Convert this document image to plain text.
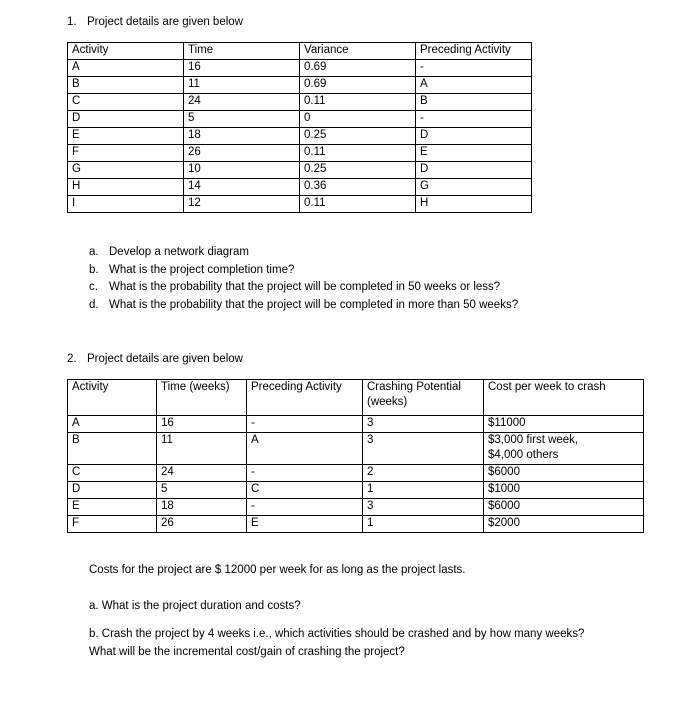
1. Project details are given below
Activity	Time	Variance	Preceding Activity
A	16	0.69	-
B	11	0.69	A
C	24	0.11	B
D	5	0	-
E	18	0.25	D
F	26	0.11	E
G	10	0.25	D
H	14	0.36	G
I	12	0.11	H
a. Develop a network diagram
b. What is the project completion time?
c. What is the probability that the project will be completed in 50 weeks or less?
d. What is the probability that the project will be completed in more than 50 weeks?
2. Project details are given below
Activity	Time (weeks)	Preceding Activity	Crashing Potential (weeks)	Cost per week to crash
A	16	-	3	$11000
B	11	A	3	$3,000 first week, $4,000 others
C	24	-	2	$6000
D	5	C	1	$1000
E	18	-	3	$6000
F	26	E	1	$2000
Costs for the project are $ 12000 per week for as long as the project lasts.
a. What is the project duration and costs?
b. Crash the project by 4 weeks i.e., which activities should be crashed and by how many weeks?
What will be the incremental cost/gain of crashing the project?
